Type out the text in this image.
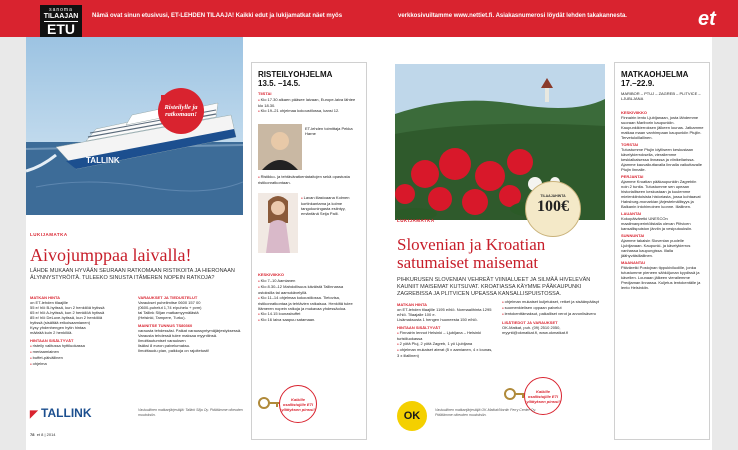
Nämä ovat sinun etusivusi, ET-LEHDEN TILAAJA! Kaikki edut ja lukijamatkat näet myös	verkkosivuiltamme www.nettiet.fi. Asiakasnumerosi löydät lehden takakannesta.	et
sanoma
TILAAJAN
ETU
TALLINK
Risteilylle ja ratkomaan!
LUKIJAMATKA
Aivojumppaa laivalla!
LÄHDE MUKAAN HYVÄÄN SEURAAN RATKOMAAN RISTIKOITA JA HIERONAAN ÄLYNNYSTYRÖITÄ. TULEEKO SINUSTA ITÄMEREN NOPEIN RATKOJA?
MATKAN HINTA
on ET-lehden tilaajille
55 e/ hlö B-hytissä, kun 2 henkilöä hytissä
65 e/ hlö A-hytissä, kun 2 henkilöä hytissä
85 e/ hlö DeLuxe-hytissä, kun 2 henkilöä
hytissä (sisältää erikoisaamianen)
Kysy yhdenhengen hytin hintaa
määrää kuin 2 henkilöä.
HINTAAN SISÄLTYVÄT
● risteily valitussa hyttiluokassa
● meriaamiainen
● buffet-päivällinen
● ohjelma
VARAUKSET JA TIEDUSTELUT
Varaukset puhelimitse 0600 157 00
(0600-puhelut 1,74 e/puhelu + pvm)
tai Tallink Siljan matkamyymälästä
(Helsinki, Tampere, Turku).
MAINITSE TUNNUS TS80360
varausta tehdessäsi. Paikat varaussyntymäjärjestyksessä.
Varausta tehdessä tulee maksaa myyntiinsä.
Ilmoittautumiset varauksen
lisäksi 8 euron palvelumaksu.
Ilmoittaudu pian, paikkoja on rajoitetusti!
◤ TALLINK	Vastuullinen matkanjärjestäjä: Tallink Silja Oy. Pidätämme oikeuden muutoksiin.
78 et 8 | 2014
RISTEILYOHJELMA
13.5. –14.5.
TIISTAI
● Klo 17.30 alkaen pääsee laivaan, Europe-laiva lähtee klo 18.30.
● Klo 19–21 ohjelmaa kokoustilossa, kansi 12.
ET-lehden toimittaja Pekka Harne
● Ristikko- ja tehtäväratkentataitojen sekä opastusta ristikonratkontaan.
● Lavan illastoaana Kolmen kortinkantama ja kolme tangokuningasta esiintyy, emäntänä Seija Paili.
KESKIVIIKKO
● Klo 7–10 Aamianen
● Klo 8.30–12 Mahdollisuus käväistä Tallinnassa ostoksilla tai aamukävelyllä.
● Klo 11–14 ohjelmaa kokoustilossa. Tietovisa, ristikonratkontaa ja tehtävien ratkaisua. Henkiltä tulee Itämeren nopein ratkoja ja mukavaa yhdessäoloa.
● Klo 14.15 lounasbuffet
● Klo 16 laiva saapuu satamaan.
Kaikille osallistujille ETi yllätyksen pinssi!
TILAAJAHINTA
100€
LUKIJAMATKA
Slovenian ja Kroatian
satumaiset maisemat
PIHKURUSEN SLOVENIAN VEHREÄT VIINIALUEET JA SILMÄÄ HIVELEVÄN KAUNIIT MAISEMAT KUTSUVAT. KROATIASSA KÄYMME PÄÄKAUPUNKI ZAGREBISSA JA PLITVICEN UPEASSA KANSALLISPUISTOSSA.
MATKAN HINTA
on ET-lehden tilaajille 1195 e/hlö. Normaalihinta 1295 e/hlö. Tilaajalle 100 e.
Lisämaksusta 1 hengen huoneesta 150 e/hlö.
HINTAAN SISÄLTYVÄT
● Finnairin lennot Helsinki – Ljubljana – Helsinki turistiluokassa
● 2 yötä Pluj, 2 yötä Zagreb, 1 yö Ljubljana
● ohjelman mukaiset aterat (5 x aamianen, 4 x lounas, 3 x illallinen)
● ohjelman mukaiset kuljetukset, retket ja sisäänpääsyt
● suomenkielisen oppaan palvelut
● lentokenttämaksut, paikalliset verot ja arvonlisävero
LISÄTIEDOT JA VARAUKSET
OK-Matkat, puh. (09) 2510 2050,
myynti@okmatkat.fi, www.okmatkat.fi
Kaikille osallistujille ETi yllätyksen pinssi!
OK	Vastuullinen matkanjärjestäjä OK-Matkat/Nordic Ferry Center Oy. Pidätämme oikeuden muutoksiin.

MATKAOHJELMA
17.–22.9.
MARIBOR – PTUJ – ZAGREB – PLITVICE – LJUBLJANA
KESKIVIIKKO
Finnairin lento Ljubljanaan, josta lähdemme suoraan Mariborin kaupunkiin. Kaupunkikierroksen jälkeen lounas. Jatkamme matkaa maan vanhimpaan kaupunkiin Ptujiin. Tervetuloillallinen.
TORSTAI
Tutustumme Ptujin idylliseen keskustaan kävelykierroksella, vierailemme keskiaikaisessa linnassa ja viinikellarissa. Ajamme kauvaikuttavalla linnalla vaikuttavalle Ptujin linnalle.
PERJANTAI
Ajamme Kroatian pääkaupunkiin Zagrebiin noin 2 tuntia. Tutustumme sen upeaan historialliseen keskustaan ja kuulemme mielenkiintoisista historiasta, jossa kohtaavat Habsburg-monarkian järjestelmällisyys ja Balkanin intohimoinen luonne. Illallinen.
LAUANTAI
Kokopäiväretki UNESCOn maailmanperintölistalla olevan Plitvicen kansallispuiston järviin ja vesiputouksiin.
SUNNUNTAI
Ajamme takaisin Slovenian puolelle Ljubljanaan. Kaupunki- ja kävelykierros vanhassa kaupungissa. Illalla jäähyväisillallinen.
MAANANTAI
Päiväretki Postojnan tippukiviluolille, jonka tutustumme pieneen sähköjunan kyydissä ja kävellen. Lounaan jälkeen vierailemme Predjaman linnassa. Kuljetus lentokentälle ja lento Helsinkiin.
